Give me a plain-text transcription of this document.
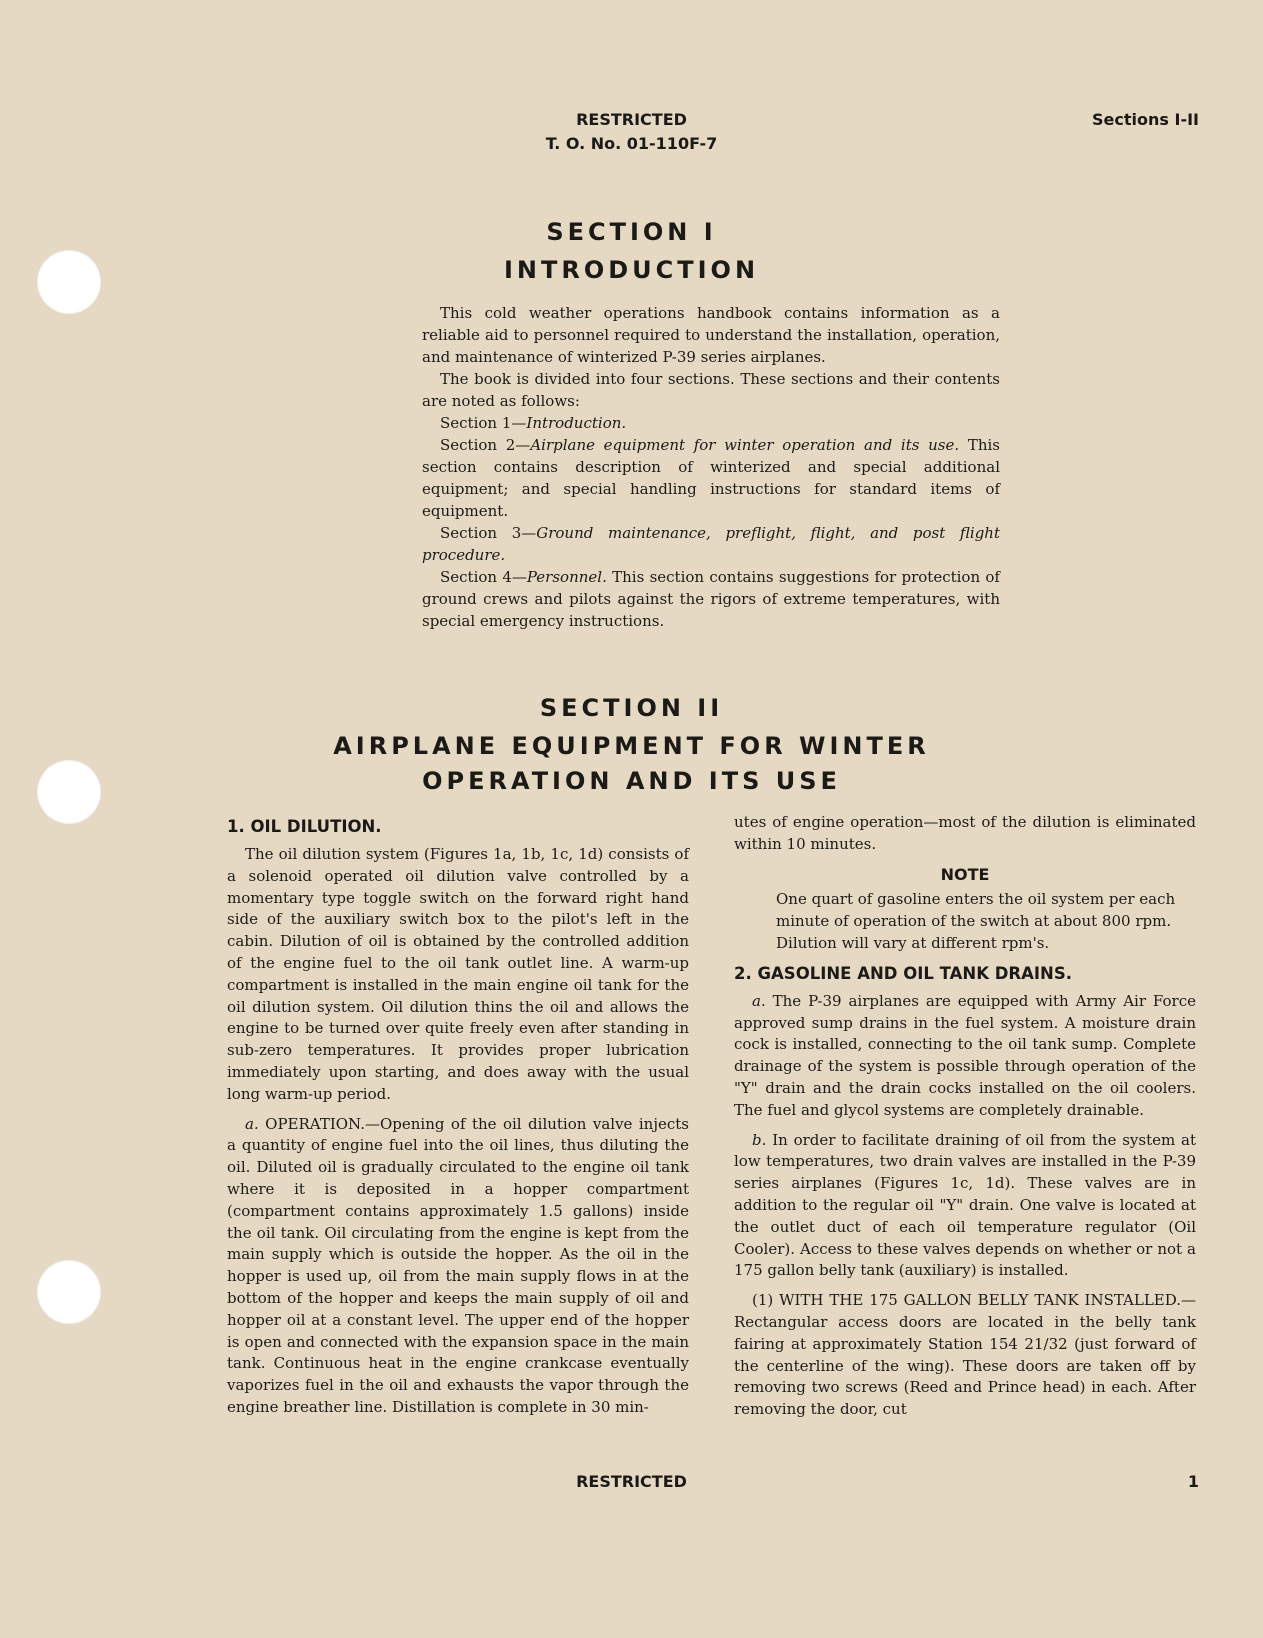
RESTRICTED
T. O. No. 01-110F-7
Sections I-II
SECTION I
INTRODUCTION

This cold weather operations handbook contains information as a reliable aid to personnel required to understand the installation, operation, and maintenance of winterized P-39 series airplanes.

The book is divided into four sections. These sections and their contents are noted as follows:

Section 1—Introduction.

Section 2—Airplane equipment for winter operation and its use. This section contains description of winterized and special additional equipment; and special handling instructions for standard items of equipment.

Section 3—Ground maintenance, preflight, flight, and post flight procedure.

Section 4—Personnel. This section contains suggestions for protection of ground crews and pilots against the rigors of extreme temperatures, with special emergency instructions.

SECTION II
AIRPLANE EQUIPMENT FOR WINTER
OPERATION AND ITS USE
1. OIL DILUTION.

The oil dilution system (Figures 1a, 1b, 1c, 1d) consists of a solenoid operated oil dilution valve controlled by a momentary type toggle switch on the forward right hand side of the auxiliary switch box to the pilot's left in the cabin. Dilution of oil is obtained by the controlled addition of the engine fuel to the oil tank outlet line. A warm-up compartment is installed in the main engine oil tank for the oil dilution system. Oil dilution thins the oil and allows the engine to be turned over quite freely even after standing in sub-zero temperatures. It provides proper lubrication immediately upon starting, and does away with the usual long warm-up period.

a. OPERATION.—Opening of the oil dilution valve injects a quantity of engine fuel into the oil lines, thus diluting the oil. Diluted oil is gradually circulated to the engine oil tank where it is deposited in a hopper compartment (compartment contains approximately 1.5 gallons) inside the oil tank. Oil circulating from the engine is kept from the main supply which is outside the hopper. As the oil in the hopper is used up, oil from the main supply flows in at the bottom of the hopper and keeps the main supply of oil and hopper oil at a constant level. The upper end of the hopper is open and connected with the expansion space in the main tank. Continuous heat in the engine crankcase eventually vaporizes fuel in the oil and exhausts the vapor through the engine breather line. Distillation is complete in 30 min-

utes of engine operation—most of the dilution is eliminated within 10 minutes.

NOTE

One quart of gasoline enters the oil system per each minute of operation of the switch at about 800 rpm. Dilution will vary at different rpm's.

2. GASOLINE AND OIL TANK DRAINS.

a. The P-39 airplanes are equipped with Army Air Force approved sump drains in the fuel system. A moisture drain cock is installed, connecting to the oil tank sump. Complete drainage of the system is possible through operation of the "Y" drain and the drain cocks installed on the oil coolers. The fuel and glycol systems are completely drainable.

b. In order to facilitate draining of oil from the system at low temperatures, two drain valves are installed in the P-39 series airplanes (Figures 1c, 1d). These valves are in addition to the regular oil "Y" drain. One valve is located at the outlet duct of each oil temperature regulator (Oil Cooler). Access to these valves depends on whether or not a 175 gallon belly tank (auxiliary) is installed.

(1) WITH THE 175 GALLON BELLY TANK INSTALLED.—Rectangular access doors are located in the belly tank fairing at approximately Station 154 21/32 (just forward of the centerline of the wing). These doors are taken off by removing two screws (Reed and Prince head) in each. After removing the door, cut

RESTRICTED	1
